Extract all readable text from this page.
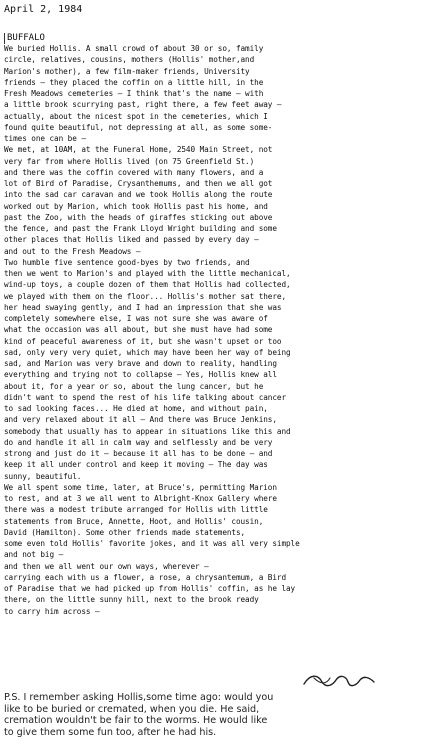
April 2, 1984
BUFFALO
We buried Hollis. A small crowd of about 30 or so, family
circle, relatives, cousins, mothers (Hollis' mother,and
Marion's mother), a few film-maker friends, University
friends — they placed the coffin on a little hill, in the
Fresh Meadows cemeteries — I think that's the name — with
a little brook scurrying past, right there, a few feet away —
actually, about the nicest spot in the cemeteries, which I
found quite beautiful, not depressing at all, as some some-
times one can be —
We met, at 10AM, at the Funeral Home, 2540 Main Street, not
very far from where Hollis lived (on 75 Greenfield St.)
and there was the coffin covered with many flowers, and a
lot of Bird of Paradise, Crysanthemums, and then we all got
into the sad car caravan and we took Hollis along the route
worked out by Marion, which took Hollis past his home, and
past the Zoo, with the heads of giraffes sticking out above
the fence, and past the Frank Lloyd Wright building and some
other places that Hollis liked and passed by every day —
and out to the Fresh Meadows —
Two humble five sentence good-byes by two friends, and
then we went to Marion's and played with the little mechanical,
wind-up toys, a couple dozen of them that Hollis had collected,
we played with them on the floor... Hollis's mother sat there,
her head swaying gently, and I had an impression that she was
completely somewhere else, I was not sure she was aware of
what the occasion was all about, but she must have had some
kind of peaceful awareness of it, but she wasn't upset or too
sad, only very very quiet, which may have been her way of being
sad, and Marion was very brave and down to reality, handling
everything and trying not to collapse — Yes, Hollis knew all
about it, for a year or so, about the lung cancer, but he
didn't want to spend the rest of his life talking about cancer
to sad looking faces... He died at home, and without pain,
and very relaxed about it all — And there was Bruce Jenkins,
somebody that usually has to appear in situations like this and
do and handle it all in calm way and selflessly and be very
strong and just do it — because it all has to be done — and
keep it all under control and keep it moving — The day was
sunny, beautiful.
We all spent some time, later, at Bruce's, permitting Marion
to rest, and at 3 we all went to Albright-Knox Gallery where
there was a modest tribute arranged for Hollis with little
statements from Bruce, Annette, Hoot, and Hollis' cousin,
David (Hamilton). Some other friends made statements,
some even told Hollis' favorite jokes, and it was all very simple
and not big —
and then we all went our own ways, wherever —
carrying each with us a flower, a rose, a chrysantemum, a Bird
of Paradise that we had picked up from Hollis' coffin, as he lay
there, on the little sunny hill, next to the brook ready
to carry him across —
P.S. I remember asking Hollis,some time ago: would you
like to be buried or cremated, when you die. He said,
cremation wouldn't be fair to the worms. He would like
to give them some fun too, after he had his.
